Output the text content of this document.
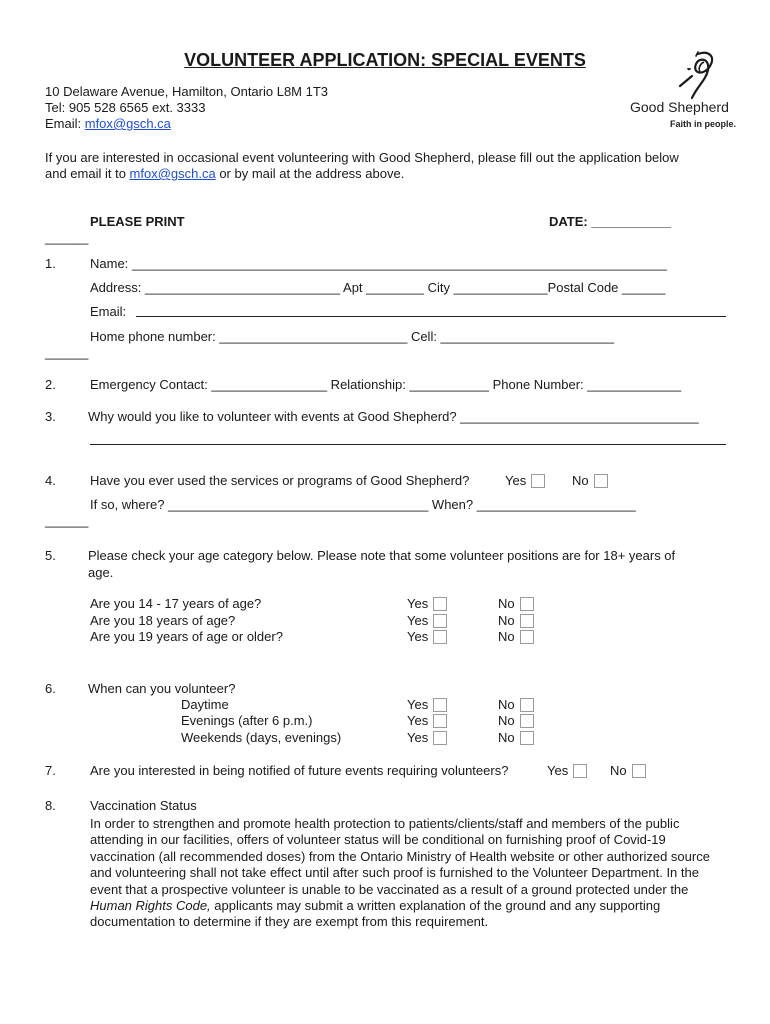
VOLUNTEER APPLICATION: SPECIAL EVENTS
10 Delaware Avenue, Hamilton, Ontario L8M 1T3
Tel: 905 528 6565 ext. 3333
Email: mfox@gsch.ca
Good Shepherd
Faith in people.
If you are interested in occasional event volunteering with Good Shepherd, please fill out the application below
and email it to mfox@gsch.ca or by mail at the address above.
PLEASE PRINT	DATE: ___________
______
1.	Name: __________________________________________________________________________
Address: ___________________________ Apt ________ City _____________Postal Code ______
Email:
Home phone number: __________________________ Cell: ________________________
______
2.	Emergency Contact: ________________ Relationship: ___________ Phone Number: _____________
3. Why would you like to volunteer with events at Good Shepherd? _________________________________
4.	Have you ever used the services or programs of Good Shepherd?	Yes	No
If so, where? ____________________________________ When? ______________________
______
5. Please check your age category below. Please note that some volunteer positions are for 18+ years of
age.
Are you 14 - 17 years of age?	Yes	No
Are you 18 years of age?	Yes	No
Are you 19 years of age or older?	Yes	No
6. When can you volunteer?
Daytime	Yes	No
Evenings (after 6 p.m.)	Yes	No
Weekends (days, evenings)	Yes	No
7.	Are you interested in being notified of future events requiring volunteers?	Yes	No
8.	Vaccination Status
In order to strengthen and promote health protection to patients/clients/staff and members of the public attending in our facilities, offers of volunteer status will be conditional on furnishing proof of Covid-19 vaccination (all recommended doses) from the Ontario Ministry of Health website or other authorized source and volunteering shall not take effect until after such proof is furnished to the Volunteer Department. In the event that a prospective volunteer is unable to be vaccinated as a result of a ground protected under the Human Rights Code, applicants may submit a written explanation of the ground and any supporting documentation to determine if they are exempt from this requirement.
